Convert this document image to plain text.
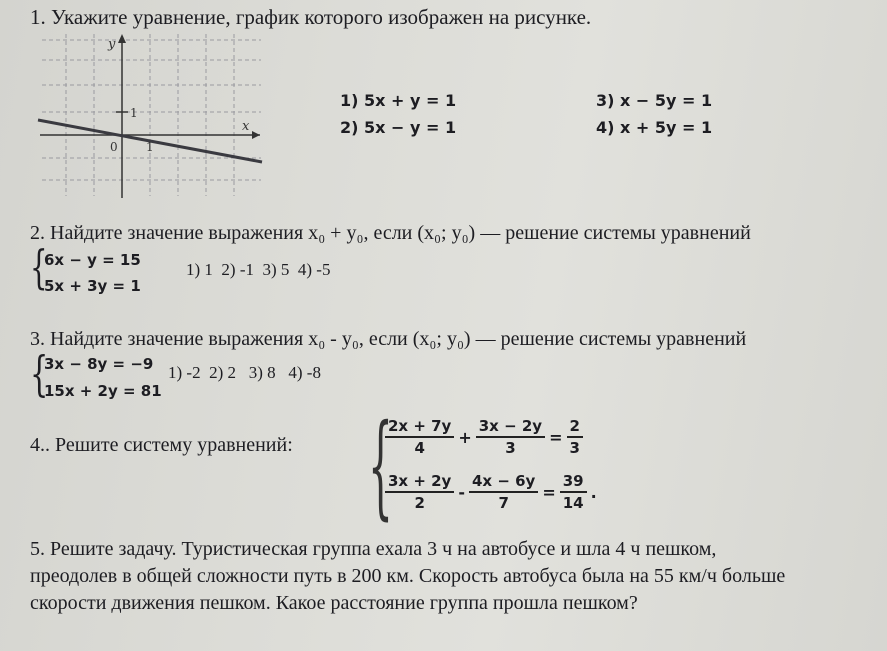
1. Укажите уравнение, график которого изображен на рисунке.
y
x
1
0 1
1) 5x + y = 1
2) 5x − y = 1
3) x − 5y = 1
4) x + 5y = 1
2. Найдите значение выражения x₀ + y₀, если (x₀; y₀) — решение системы уравнений
{
6x − y = 15
5x + 3y = 1
1) 1  2) -1  3) 5  4) -5
3. Найдите значение выражения x₀ - y₀, если (x₀; y₀) — решение системы уравнений
{
3x − 8y = −9
15x + 2y = 81
1) -2  2) 2   3) 8   4) -8
4.. Решите систему уравнений: {
$\frac{2x + 7y}{4} + \frac{3x - 2y}{3} = \frac{2}{3}$
$\frac{3x + 2y}{2} - \frac{4x - 6y}{7} = \frac{39}{14}$ .
5. Решите задачу. Туристическая группа ехала 3 ч на автобусе и шла 4 ч пешком,
преодолев в общей сложности путь в 200 км. Скорость автобуса была на 55 км/ч больше
скорости движения пешком. Какое расстояние группа прошла пешком?
